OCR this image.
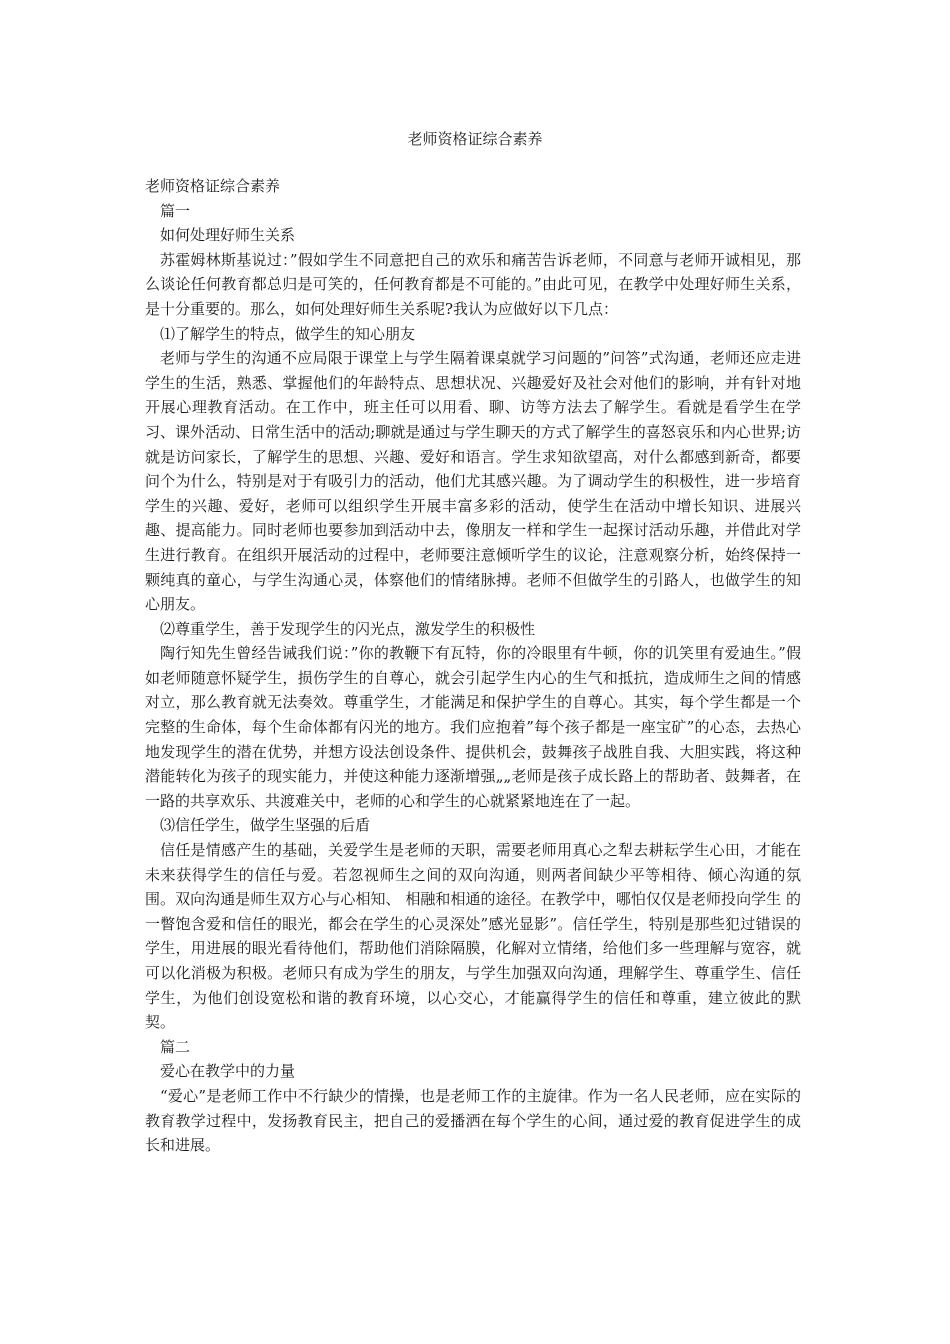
老师资格证综合素养

老师资格证综合素养

篇一

如何处理好师生关系

苏霍姆林斯基说过：”假如学生不同意把自己的欢乐和痛苦告诉老师，不同意与老师开诚相见，那么谈论任何教育都总归是可笑的，任何教育都是不可能的。”由此可见，在教学中处理好师生关系，是十分重要的。那么，如何处理好师生关系呢?我认为应做好以下几点：

⑴了解学生的特点，做学生的知心朋友

老师与学生的沟通不应局限于课堂上与学生隔着课桌就学习问题的”问答”式沟通，老师还应走进学生的生活，熟悉、掌握他们的年龄特点、思想状况、兴趣爱好及社会对他们的影响，并有针对地开展心理教育活动。在工作中，班主任可以用看、聊、访等方法去了解学生。看就是看学生在学习、课外活动、日常生活中的活动;聊就是通过与学生聊天的方式了解学生的喜怒哀乐和内心世界;访就是访问家长，了解学生的思想、兴趣、爱好和语言。学生求知欲望高，对什么都感到新奇，都要问个为什么，特别是对于有吸引力的活动，他们尤其感兴趣。为了调动学生的积极性，进一步培育学生的兴趣、爱好，老师可以组织学生开展丰富多彩的活动，使学生在活动中增长知识、进展兴趣、提高能力。同时老师也要参加到活动中去，像朋友一样和学生一起探讨活动乐趣，并借此对学生进行教育。在组织开展活动的过程中，老师要注意倾听学生的议论，注意观察分析，始终保持一颗纯真的童心，与学生沟通心灵，体察他们的情绪脉搏。老师不但做学生的引路人，也做学生的知心朋友。

⑵尊重学生，善于发现学生的闪光点，激发学生的积极性

陶行知先生曾经告诫我们说：”你的教鞭下有瓦特，你的冷眼里有牛顿，你的讥笑里有爱迪生。”假如老师随意怀疑学生，损伤学生的自尊心，就会引起学生内心的生气和抵抗，造成师生之间的情感对立，那么教育就无法奏效。尊重学生，才能满足和保护学生的自尊心。其实，每个学生都是一个完整的生命体，每个生命体都有闪光的地方。我们应抱着”每个孩子都是一座宝矿”的心态，去热心地发现学生的潜在优势，并想方设法创设条件、提供机会，鼓舞孩子战胜自我、大胆实践，将这种潜能转化为孩子的现实能力，并使这种能力逐渐增强„„老师是孩子成长路上的帮助者、鼓舞者，在一路的共享欢乐、共渡难关中，老师的心和学生的心就紧紧地连在了一起。

⑶信任学生，做学生坚强的后盾

信任是情感产生的基础，关爱学生是老师的天职，需要老师用真心之犁去耕耘学生心田，才能在未来获得学生的信任与爱。若忽视师生之间的双向沟通，则两者间缺少平等相待、倾心沟通的氛围。双向沟通是师生双方心与心相知、 相融和相通的途径。在教学中，哪怕仅仅是老师投向学生 的一瞥饱含爱和信任的眼光，都会在学生的心灵深处”感光显影”。信任学生，特别是那些犯过错误的学生，用进展的眼光看待他们，帮助他们消除隔膜，化解对立情绪，给他们多一些理解与宽容，就可以化消极为积极。老师只有成为学生的朋友，与学生加强双向沟通，理解学生、尊重学生、信任学生，为他们创设宽松和谐的教育环境，以心交心，才能赢得学生的信任和尊重，建立彼此的默契。

篇二

爱心在教学中的力量

“爱心”是老师工作中不行缺少的情操，也是老师工作的主旋律。作为一名人民老师，应在实际的教育教学过程中，发扬教育民主，把自己的爱播洒在每个学生的心间，通过爱的教育促进学生的成长和进展。
